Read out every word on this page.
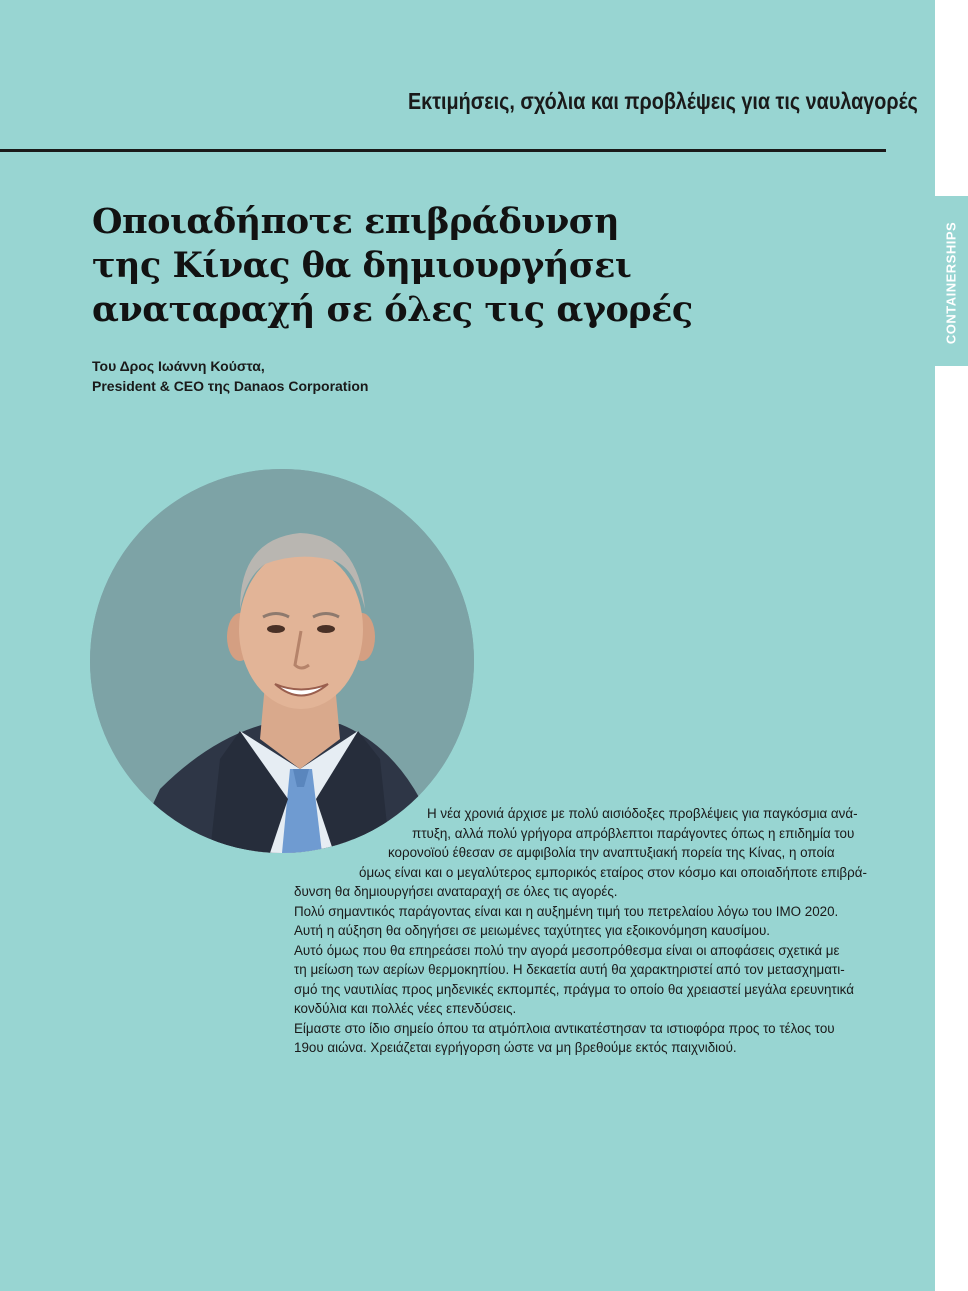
CONTAINERSHIPS
Εκτιμήσεις, σχόλια και προβλέψεις για τις ναυλαγορές
Οποιαδήποτε επιβράδυνση
της Κίνας θα δημιουργήσει
αναταραχή σε όλες τις αγορές
Του Δρος Ιωάννη Κούστα,
President & CEO της Danaos Corporation
Η νέα χρονιά άρχισε με πολύ αισιόδοξες προβλέψεις για παγκόσμια ανά-
πτυξη, αλλά πολύ γρήγορα απρόβλεπτοι παράγοντες όπως η επιδημία του
κορονοϊού έθεσαν σε αμφιβολία την αναπτυξιακή πορεία της Κίνας, η οποία
όμως είναι και ο μεγαλύτερος εμπορικός εταίρος στον κόσμο και οποιαδήποτε επιβρά-
δυνση θα δημιουργήσει αναταραχή σε όλες τις αγορές.
Πολύ σημαντικός παράγοντας είναι και η αυξημένη τιμή του πετρελαίου λόγω του IMO 2020.
Αυτή η αύξηση θα οδηγήσει σε μειωμένες ταχύτητες για εξοικονόμηση καυσίμου.
Αυτό όμως που θα επηρεάσει πολύ την αγορά μεσοπρόθεσμα είναι οι αποφάσεις σχετικά με
τη μείωση των αερίων θερμοκηπίου. Η δεκαετία αυτή θα χαρακτηριστεί από τον μετασχηματι-
σμό της ναυτιλίας προς μηδενικές εκπομπές, πράγμα το οποίο θα χρειαστεί μεγάλα ερευνητικά
κονδύλια και πολλές νέες επενδύσεις.
Είμαστε στο ίδιο σημείο όπου τα ατμόπλοια αντικατέστησαν τα ιστιοφόρα προς το τέλος του
19ου αιώνα. Χρειάζεται εγρήγορση ώστε να μη βρεθούμε εκτός παιχνιδιού.
